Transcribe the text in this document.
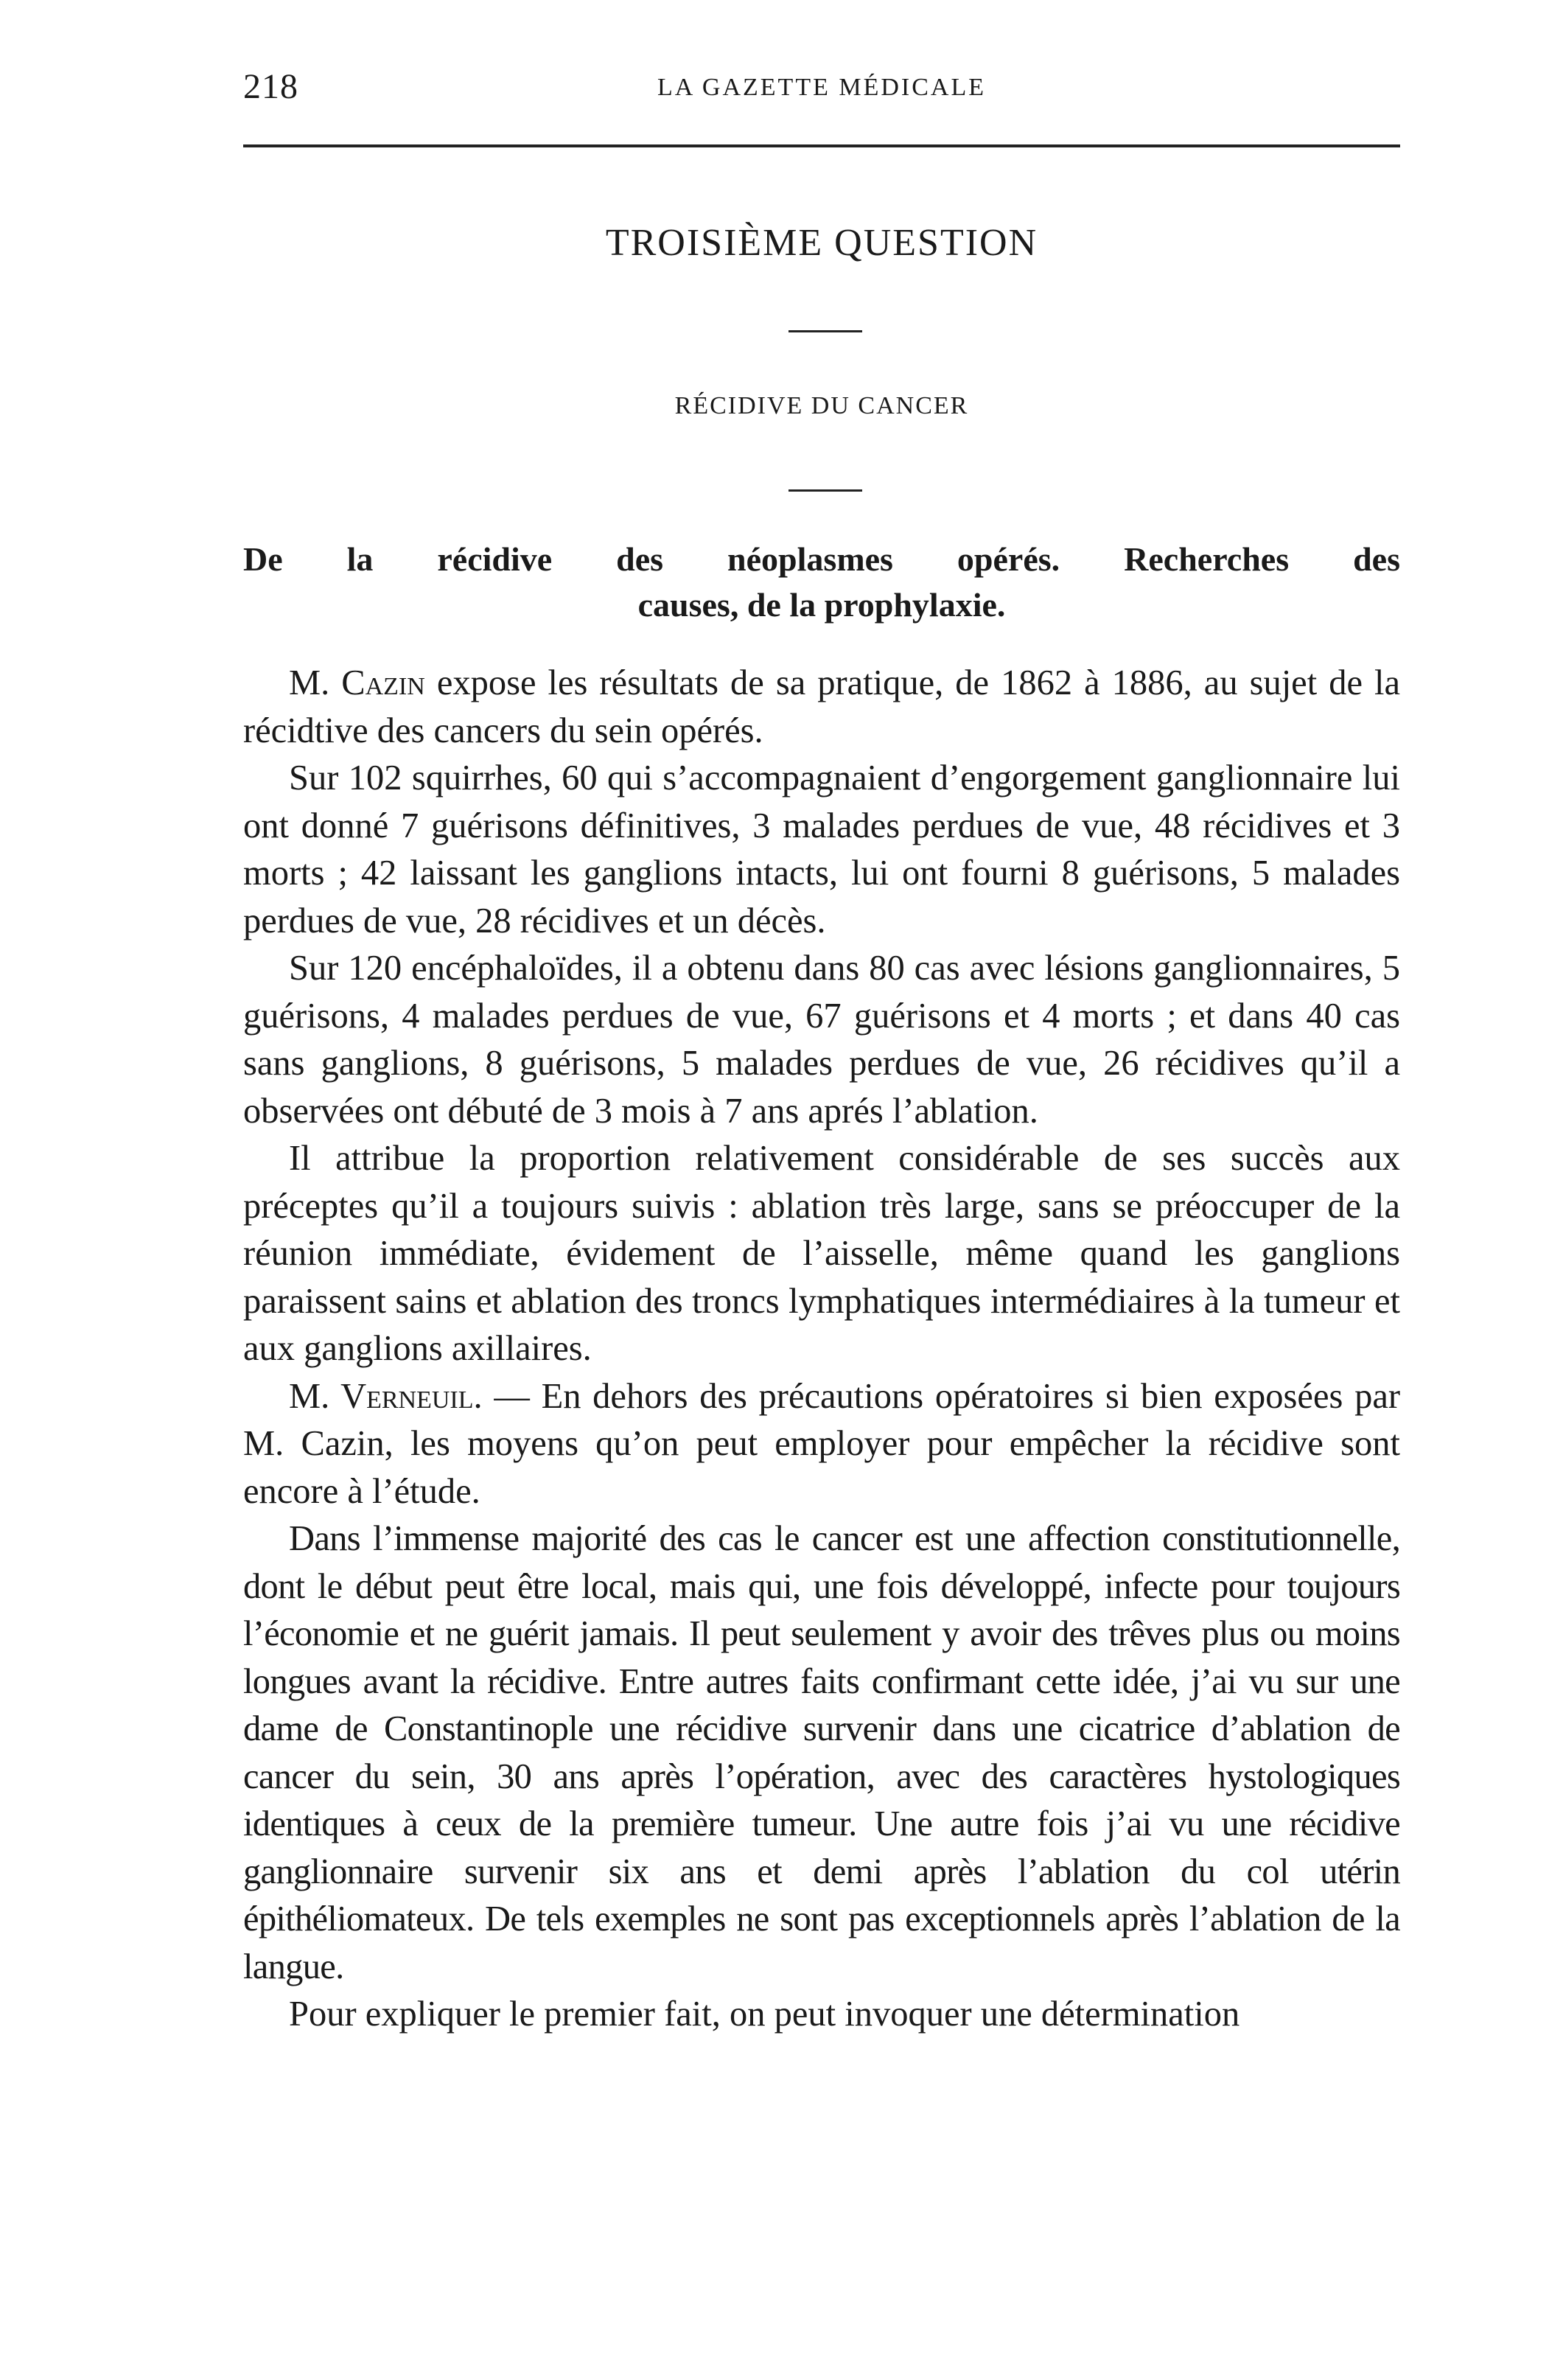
218	LA GAZETTE MÉDICALE
TROISIÈME QUESTION
RÉCIDIVE DU CANCER
De la récidive des néoplasmes opérés. Recherches des
causes, de la prophylaxie.

M. Cazin expose les résultats de sa pratique, de 1862 à 1886, au sujet de la récidtive des cancers du sein opérés.

Sur 102 squirrhes, 60 qui s’accompagnaient d’engorgement ganglionnaire lui ont donné 7 guérisons définitives, 3 malades perdues de vue, 48 récidives et 3 morts ; 42 laissant les ganglions intacts, lui ont fourni 8 guérisons, 5 malades perdues de vue, 28 récidives et un décès.

Sur 120 encéphaloïdes, il a obtenu dans 80 cas avec lésions ganglionnaires, 5 guérisons, 4 malades perdues de vue, 67 guérisons et 4 morts ; et dans 40 cas sans ganglions, 8 guérisons, 5 malades perdues de vue, 26 récidives qu’il a observées ont débuté de 3 mois à 7 ans aprés l’ablation.

Il attribue la proportion relativement considérable de ses succès aux préceptes qu’il a toujours suivis : ablation très large, sans se préoccuper de la réunion immédiate, évidement de l’aisselle, même quand les ganglions paraissent sains et ablation des troncs lymphatiques intermédiaires à la tumeur et aux ganglions axillaires.

M. Verneuil. — En dehors des précautions opératoires si bien exposées par M. Cazin, les moyens qu’on peut employer pour empêcher la récidive sont encore à l’étude.

Dans l’immense majorité des cas le cancer est une affection constitutionnelle, dont le début peut être local, mais qui, une fois développé, infecte pour toujours l’économie et ne guérit jamais. Il peut seulement y avoir des trêves plus ou moins longues avant la récidive. Entre autres faits confirmant cette idée, j’ai vu sur une dame de Constantinople une récidive survenir dans une cicatrice d’ablation de cancer du sein, 30 ans après l’opération, avec des caractères hystologiques identiques à ceux de la première tumeur. Une autre fois j’ai vu une récidive ganglionnaire survenir six ans et demi après l’ablation du col utérin épithéliomateux. De tels exemples ne sont pas exceptionnels après l’ablation de la langue.

Pour expliquer le premier fait, on peut invoquer une détermination
